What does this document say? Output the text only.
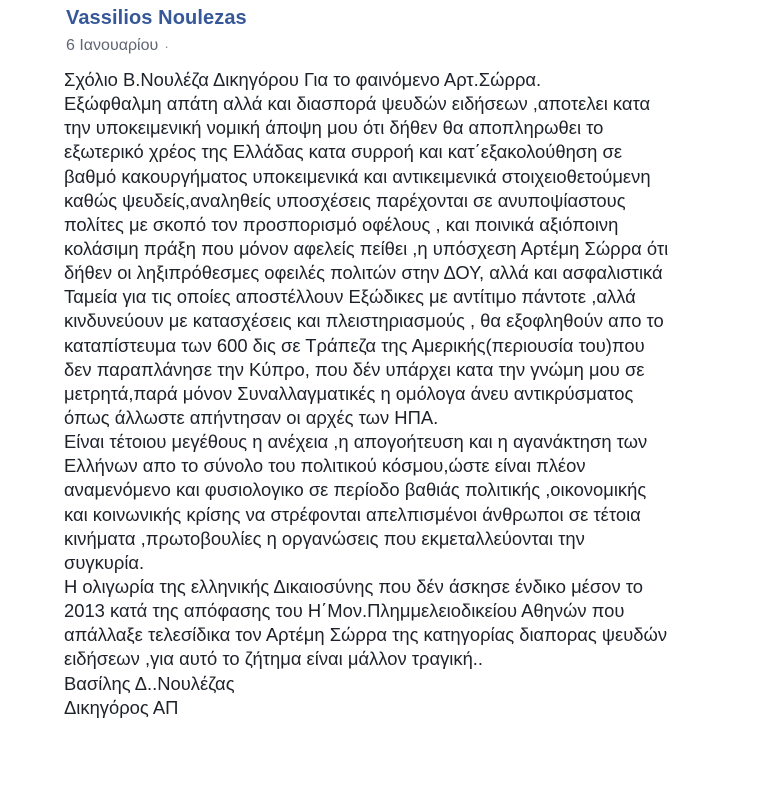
Vassilios Noulezas
6 Ιανουαρίου ·
Σχόλιο Β.Νουλέζα Δικηγόρου Για το φαινόμενο Αρτ.Σώρρα.
Εξώφθαλμη απάτη αλλά και διασπορά ψευδών ειδήσεων ,αποτελει κατα
την υποκειμενική νομική άποψη μου ότι δήθεν θα αποπληρωθει το
εξωτερικό χρέος της Ελλάδας κατα συρροή και κατ΄εξακολούθηση σε
βαθμό κακουργήματος υποκειμενικά και αντικειμενικά στοιχειοθετούμενη
καθώς ψευδείς,αναληθείς υποσχέσεις παρέχονται σε ανυποψίαστους
πολίτες με σκοπό τον προσπορισμό οφέλους , και ποινικά αξιόποινη
κολάσιμη πράξη που μόνον αφελείς πείθει ,η υπόσχεση Αρτέμη Σώρρα ότι
δήθεν οι ληξιπρόθεσμες οφειλές πολιτών στην ΔΟΥ, αλλά και ασφαλιστικά
Ταμεία για τις οποίες αποστέλλουν Εξώδικες με αντίτιμο πάντοτε ,αλλά
κινδυνεύουν με κατασχέσεις και πλειστηριασμούς , θα εξοφληθούν απο το
καταπίστευμα των 600 δις σε Τράπεζα της Αμερικής(περιουσία του)που
δεν παραπλάνησε την Κύπρο, που δέν υπάρχει κατα την γνώμη μου σε
μετρητά,παρά μόνον Συναλλαγματικές η ομόλογα άνευ αντικρύσματος
όπως άλλωστε απήντησαν οι αρχές των ΗΠΑ.
Είναι τέτοιου μεγέθους η ανέχεια ,η απογοήτευση και η αγανάκτηση των
Ελλήνων απο το σύνολο του πολιτικού κόσμου,ώστε είναι πλέον
αναμενόμενο και φυσιολογικο σε περίοδο βαθιάς πολιτικής ,οικονομικής
και κοινωνικής κρίσης να στρέφονται απελπισμένοι άνθρωποι σε τέτοια
κινήματα ,πρωτοβουλίες η οργανώσεις που εκμεταλλεύονται την
συγκυρία.
Η ολιγωρία της ελληνικής Δικαιοσύνης που δέν άσκησε ένδικο μέσον το
2013 κατά της απόφασης του Η΄Μον.Πλημμελειοδικείου Αθηνών που
απάλλαξε τελεσίδικα τον Αρτέμη Σώρρα της κατηγορίας διαπορας ψευδών
ειδήσεων ,για αυτό το ζήτημα είναι μάλλον τραγική..
Βασίλης Δ..Νουλέζας
Δικηγόρος ΑΠ
